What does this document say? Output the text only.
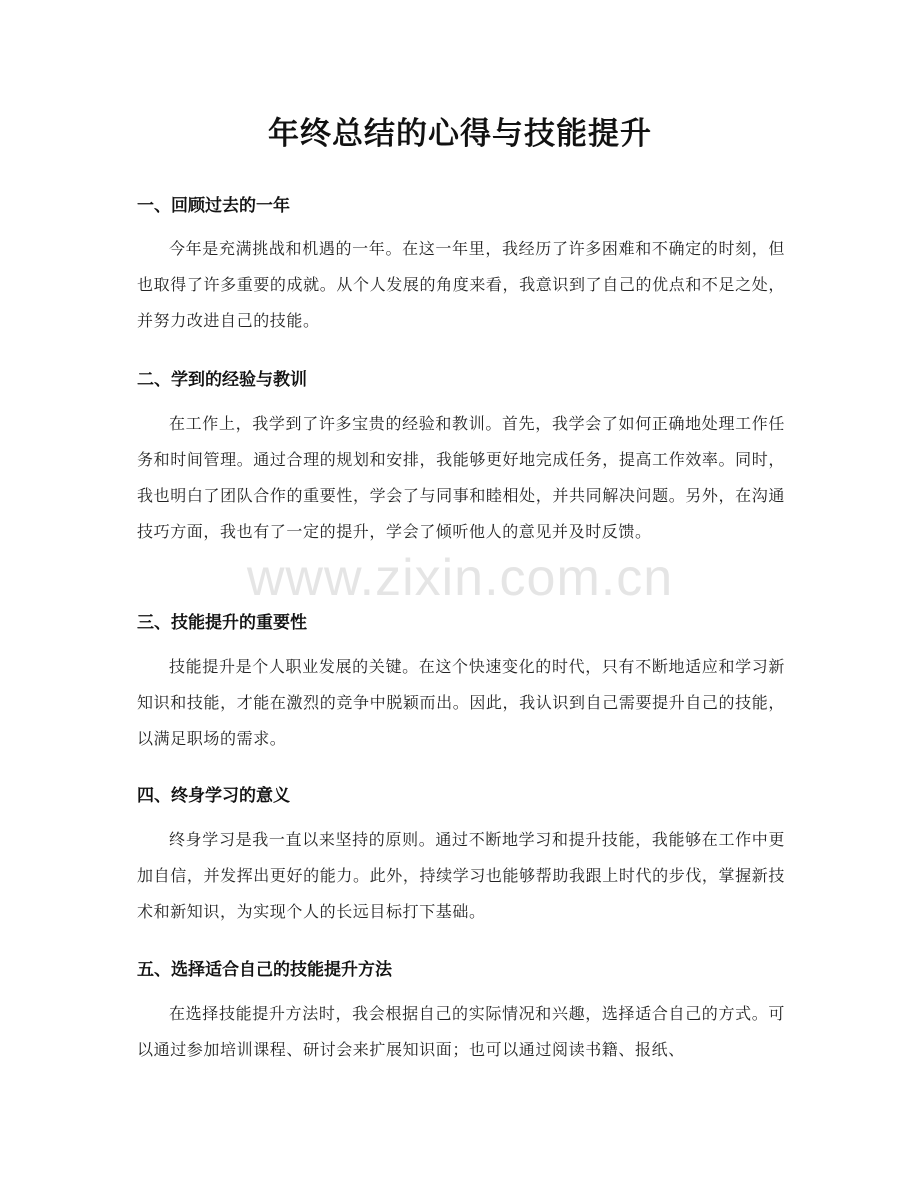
年终总结的心得与技能提升
一、回顾过去的一年

今年是充满挑战和机遇的一年。在这一年里，我经历了许多困难和不确定的时刻，但也取得了许多重要的成就。从个人发展的角度来看，我意识到了自己的优点和不足之处，并努力改进自己的技能。

二、学到的经验与教训

在工作上，我学到了许多宝贵的经验和教训。首先，我学会了如何正确地处理工作任务和时间管理。通过合理的规划和安排，我能够更好地完成任务，提高工作效率。同时，我也明白了团队合作的重要性，学会了与同事和睦相处，并共同解决问题。另外，在沟通技巧方面，我也有了一定的提升，学会了倾听他人的意见并及时反馈。

三、技能提升的重要性

技能提升是个人职业发展的关键。在这个快速变化的时代，只有不断地适应和学习新知识和技能，才能在激烈的竞争中脱颖而出。因此，我认识到自己需要提升自己的技能，以满足职场的需求。

四、终身学习的意义

终身学习是我一直以来坚持的原则。通过不断地学习和提升技能，我能够在工作中更加自信，并发挥出更好的能力。此外，持续学习也能够帮助我跟上时代的步伐，掌握新技术和新知识，为实现个人的长远目标打下基础。

五、选择适合自己的技能提升方法

在选择技能提升方法时，我会根据自己的实际情况和兴趣，选择适合自己的方式。可以通过参加培训课程、研讨会来扩展知识面；也可以通过阅读书籍、报纸、

www.zixin.com.cn
